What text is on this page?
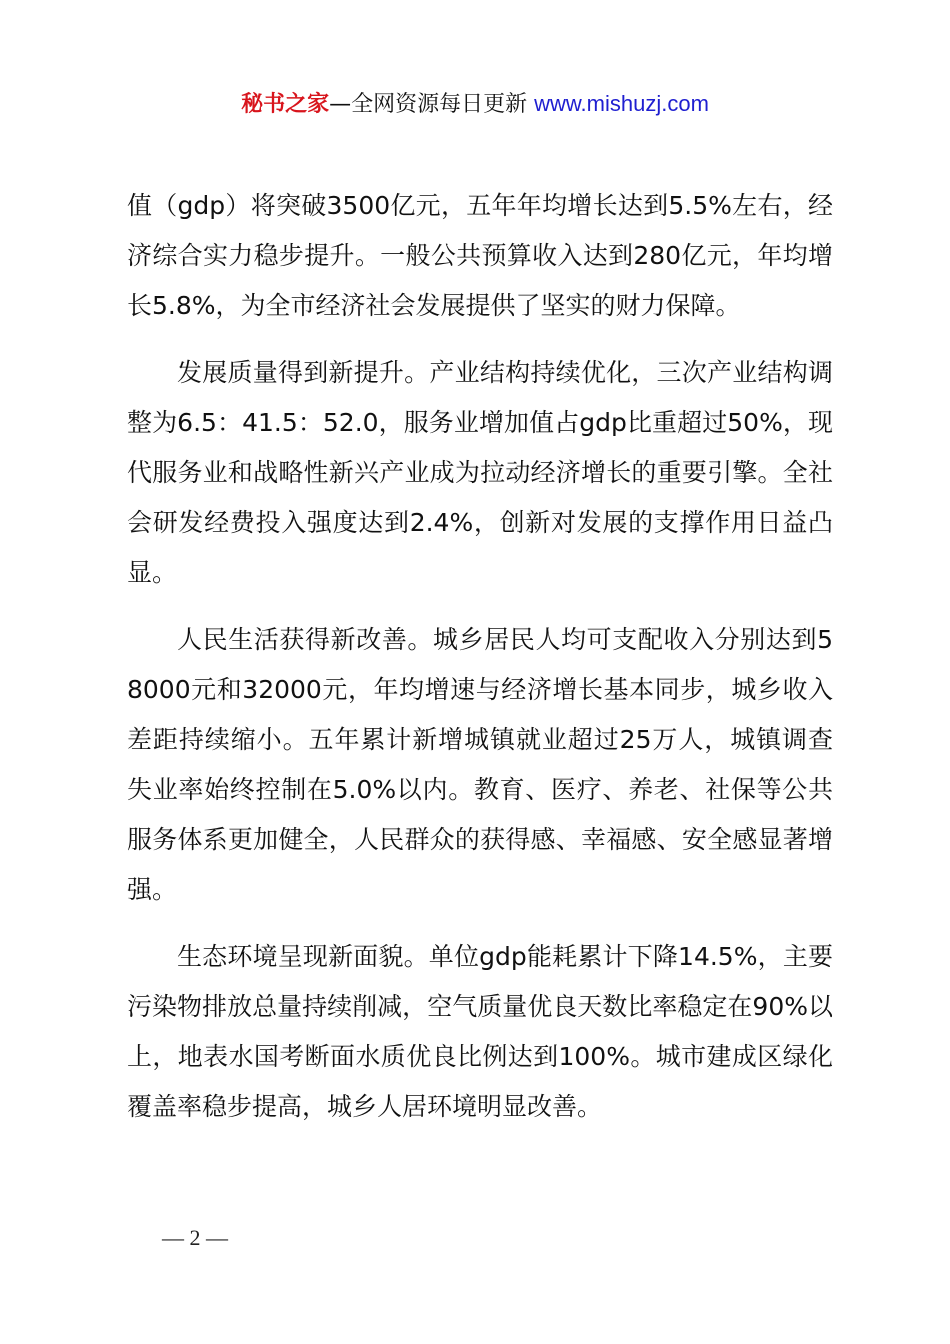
秘书之家—全网资源每日更新 www.mishuzj.com

值（gdp）将突破3500亿元，五年年均增长达到5.5%左右，经济综合实力稳步提升。一般公共预算收入达到280亿元，年均增长5.8%，为全市经济社会发展提供了坚实的财力保障。

发展质量得到新提升。产业结构持续优化，三次产业结构调整为6.5：41.5：52.0，服务业增加值占gdp比重超过50%，现代服务业和战略性新兴产业成为拉动经济增长的重要引擎。全社会研发经费投入强度达到2.4%，创新对发展的支撑作用日益凸显。

人民生活获得新改善。城乡居民人均可支配收入分别达到58000元和32000元，年均增速与经济增长基本同步，城乡收入差距持续缩小。五年累计新增城镇就业超过25万人，城镇调查失业率始终控制在5.0%以内。教育、医疗、养老、社保等公共服务体系更加健全，人民群众的获得感、幸福感、安全感显著增强。

生态环境呈现新面貌。单位gdp能耗累计下降14.5%，主要污染物排放总量持续削减，空气质量优良天数比率稳定在90%以上，地表水国考断面水质优良比例达到100%。城市建成区绿化覆盖率稳步提高，城乡人居环境明显改善。

— 2 —
